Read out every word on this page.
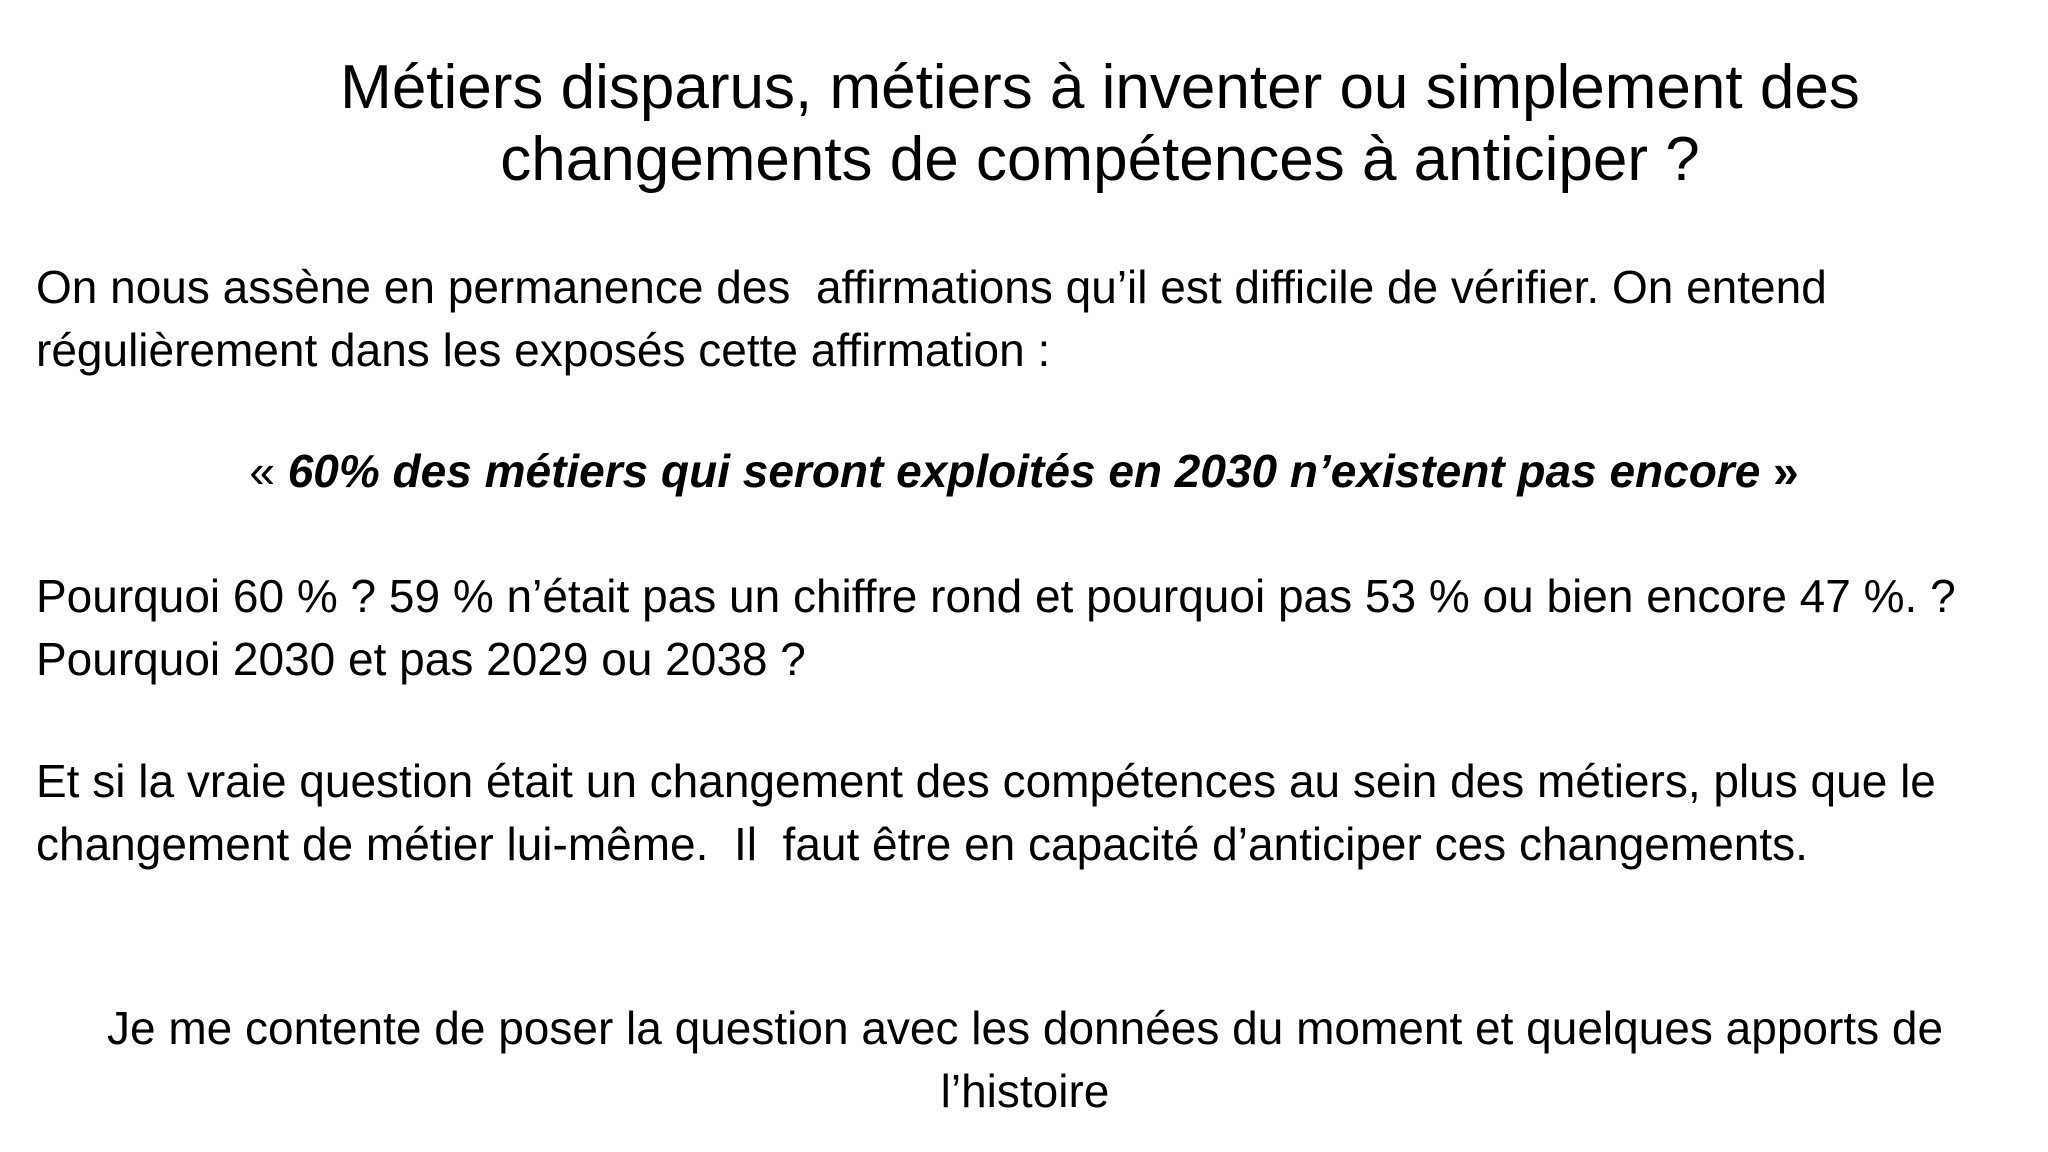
Métiers disparus, métiers à inventer ou simplement des changements de compétences à anticiper ?

On nous assène en permanence des  affirmations qu’il est difficile de vérifier. On entend régulièrement dans les exposés cette affirmation :

« 60% des métiers qui seront exploités en 2030 n’existent pas encore »

Pourquoi 60 % ? 59 % n’était pas un chiffre rond et pourquoi pas 53 % ou bien encore 47 %. ? Pourquoi 2030 et pas 2029 ou 2038 ?

Et si la vraie question était un changement des compétences au sein des métiers, plus que le changement de métier lui-même.  Il  faut être en capacité d’anticiper ces changements.

Je me contente de poser la question avec les données du moment et quelques apports de l’histoire
